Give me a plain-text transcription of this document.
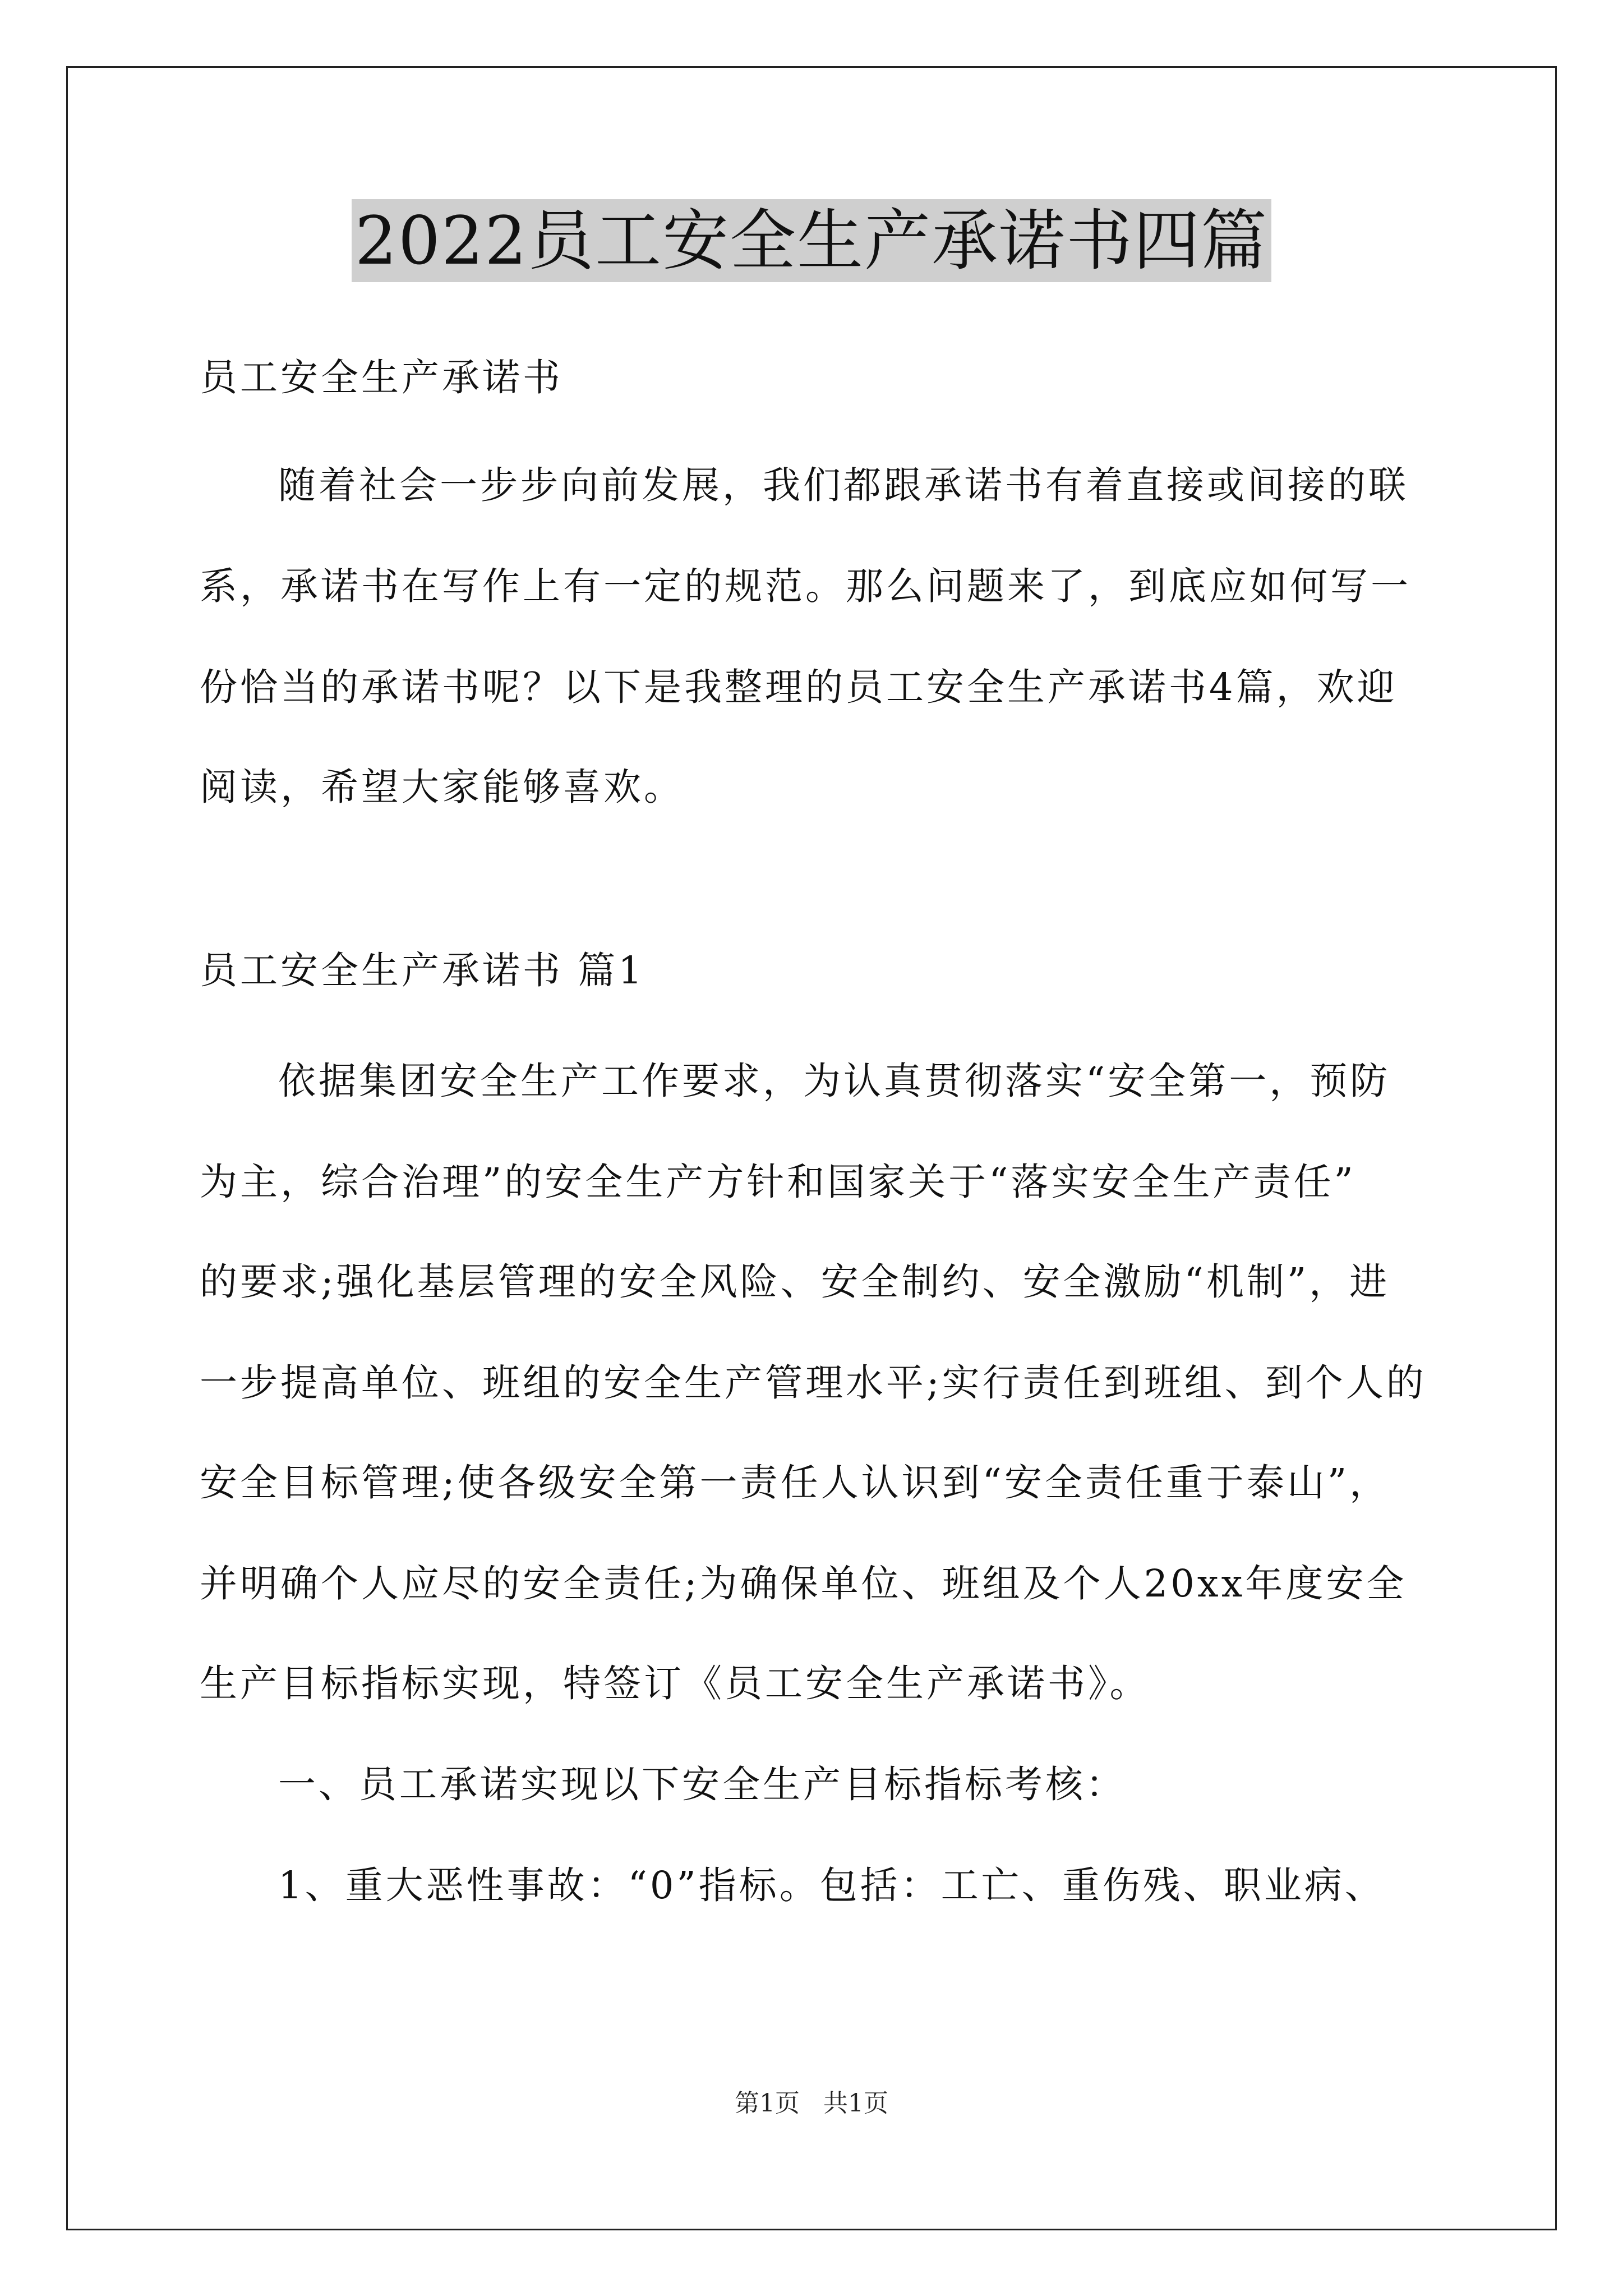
2022员工安全生产承诺书四篇
员工安全生产承诺书
随着社会一步步向前发展，我们都跟承诺书有着直接或间接的联
系，承诺书在写作上有一定的规范。那么问题来了，到底应如何写一
份恰当的承诺书呢？以下是我整理的员工安全生产承诺书4篇，欢迎
阅读，希望大家能够喜欢。
员工安全生产承诺书 篇1
依据集团安全生产工作要求，为认真贯彻落实“安全第一，预防
为主，综合治理”的安全生产方针和国家关于“落实安全生产责任”
的要求;强化基层管理的安全风险、安全制约、安全激励“机制”，进
一步提高单位、班组的安全生产管理水平;实行责任到班组、到个人的
安全目标管理;使各级安全第一责任人认识到“安全责任重于泰山”，
并明确个人应尽的安全责任;为确保单位、班组及个人20xx年度安全
生产目标指标实现，特签订《员工安全生产承诺书》。
一、员工承诺实现以下安全生产目标指标考核：
1、重大恶性事故：“0”指标。包括：工亡、重伤残、职业病、
第1页 共1页
